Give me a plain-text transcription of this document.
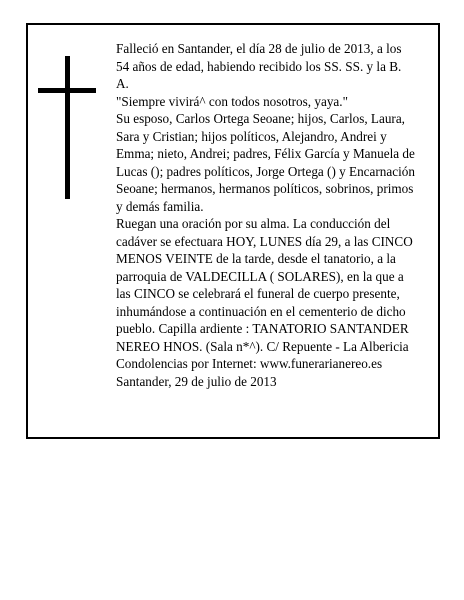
Falleció en Santander, el día 28 de julio de 2013, a los 54 años de edad, habiendo recibido los SS. SS. y la B. A.

"Siempre vivirá^ con todos nosotros, yaya."

Su esposo, Carlos Ortega Seoane; hijos, Carlos, Laura, Sara y Cristian; hijos políticos, Alejandro, Andrei y Emma; nieto, Andrei; padres, Félix García y Manuela de Lucas (); padres políticos, Jorge Ortega () y Encarnación Seoane; hermanos, hermanos políticos, sobrinos, primos y demás familia.

Ruegan una oración por su alma. La conducción del cadáver se efectuara HOY, LUNES día 29, a las CINCO MENOS VEINTE de la tarde, desde el tanatorio, a la parroquia de VALDECILLA ( SOLARES), en la que a las CINCO se celebrará el funeral de cuerpo presente, inhumándose a continuación en el cementerio de dicho pueblo. Capilla ardiente : TANATORIO SANTANDER NEREO HNOS. (Sala n*^). C/ Repuente - La Albericia

Condolencias por Internet: www.funerarianereo.es

Santander, 29 de julio de 2013
